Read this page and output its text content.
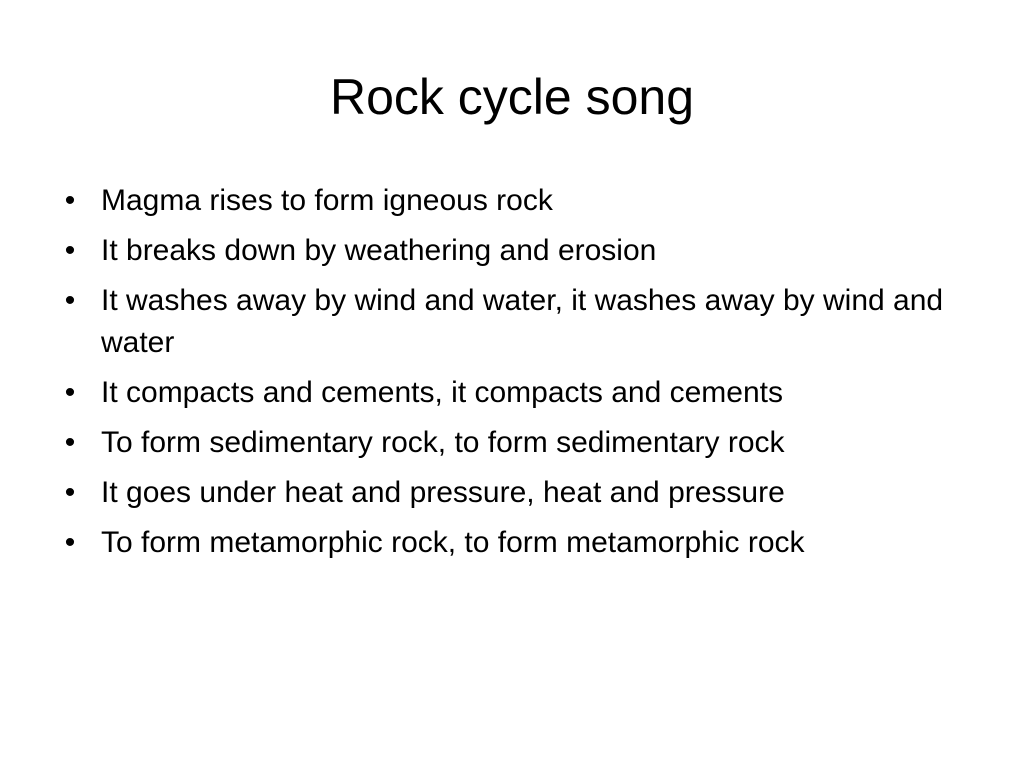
Rock cycle song
• Magma rises to form igneous rock
• It breaks down by weathering and erosion
• It washes away by wind and water, it washes away by wind and water
• It compacts and cements, it compacts and cements
• To form sedimentary rock, to form sedimentary rock
• It goes under heat and pressure, heat and pressure
• To form metamorphic rock, to form metamorphic rock
